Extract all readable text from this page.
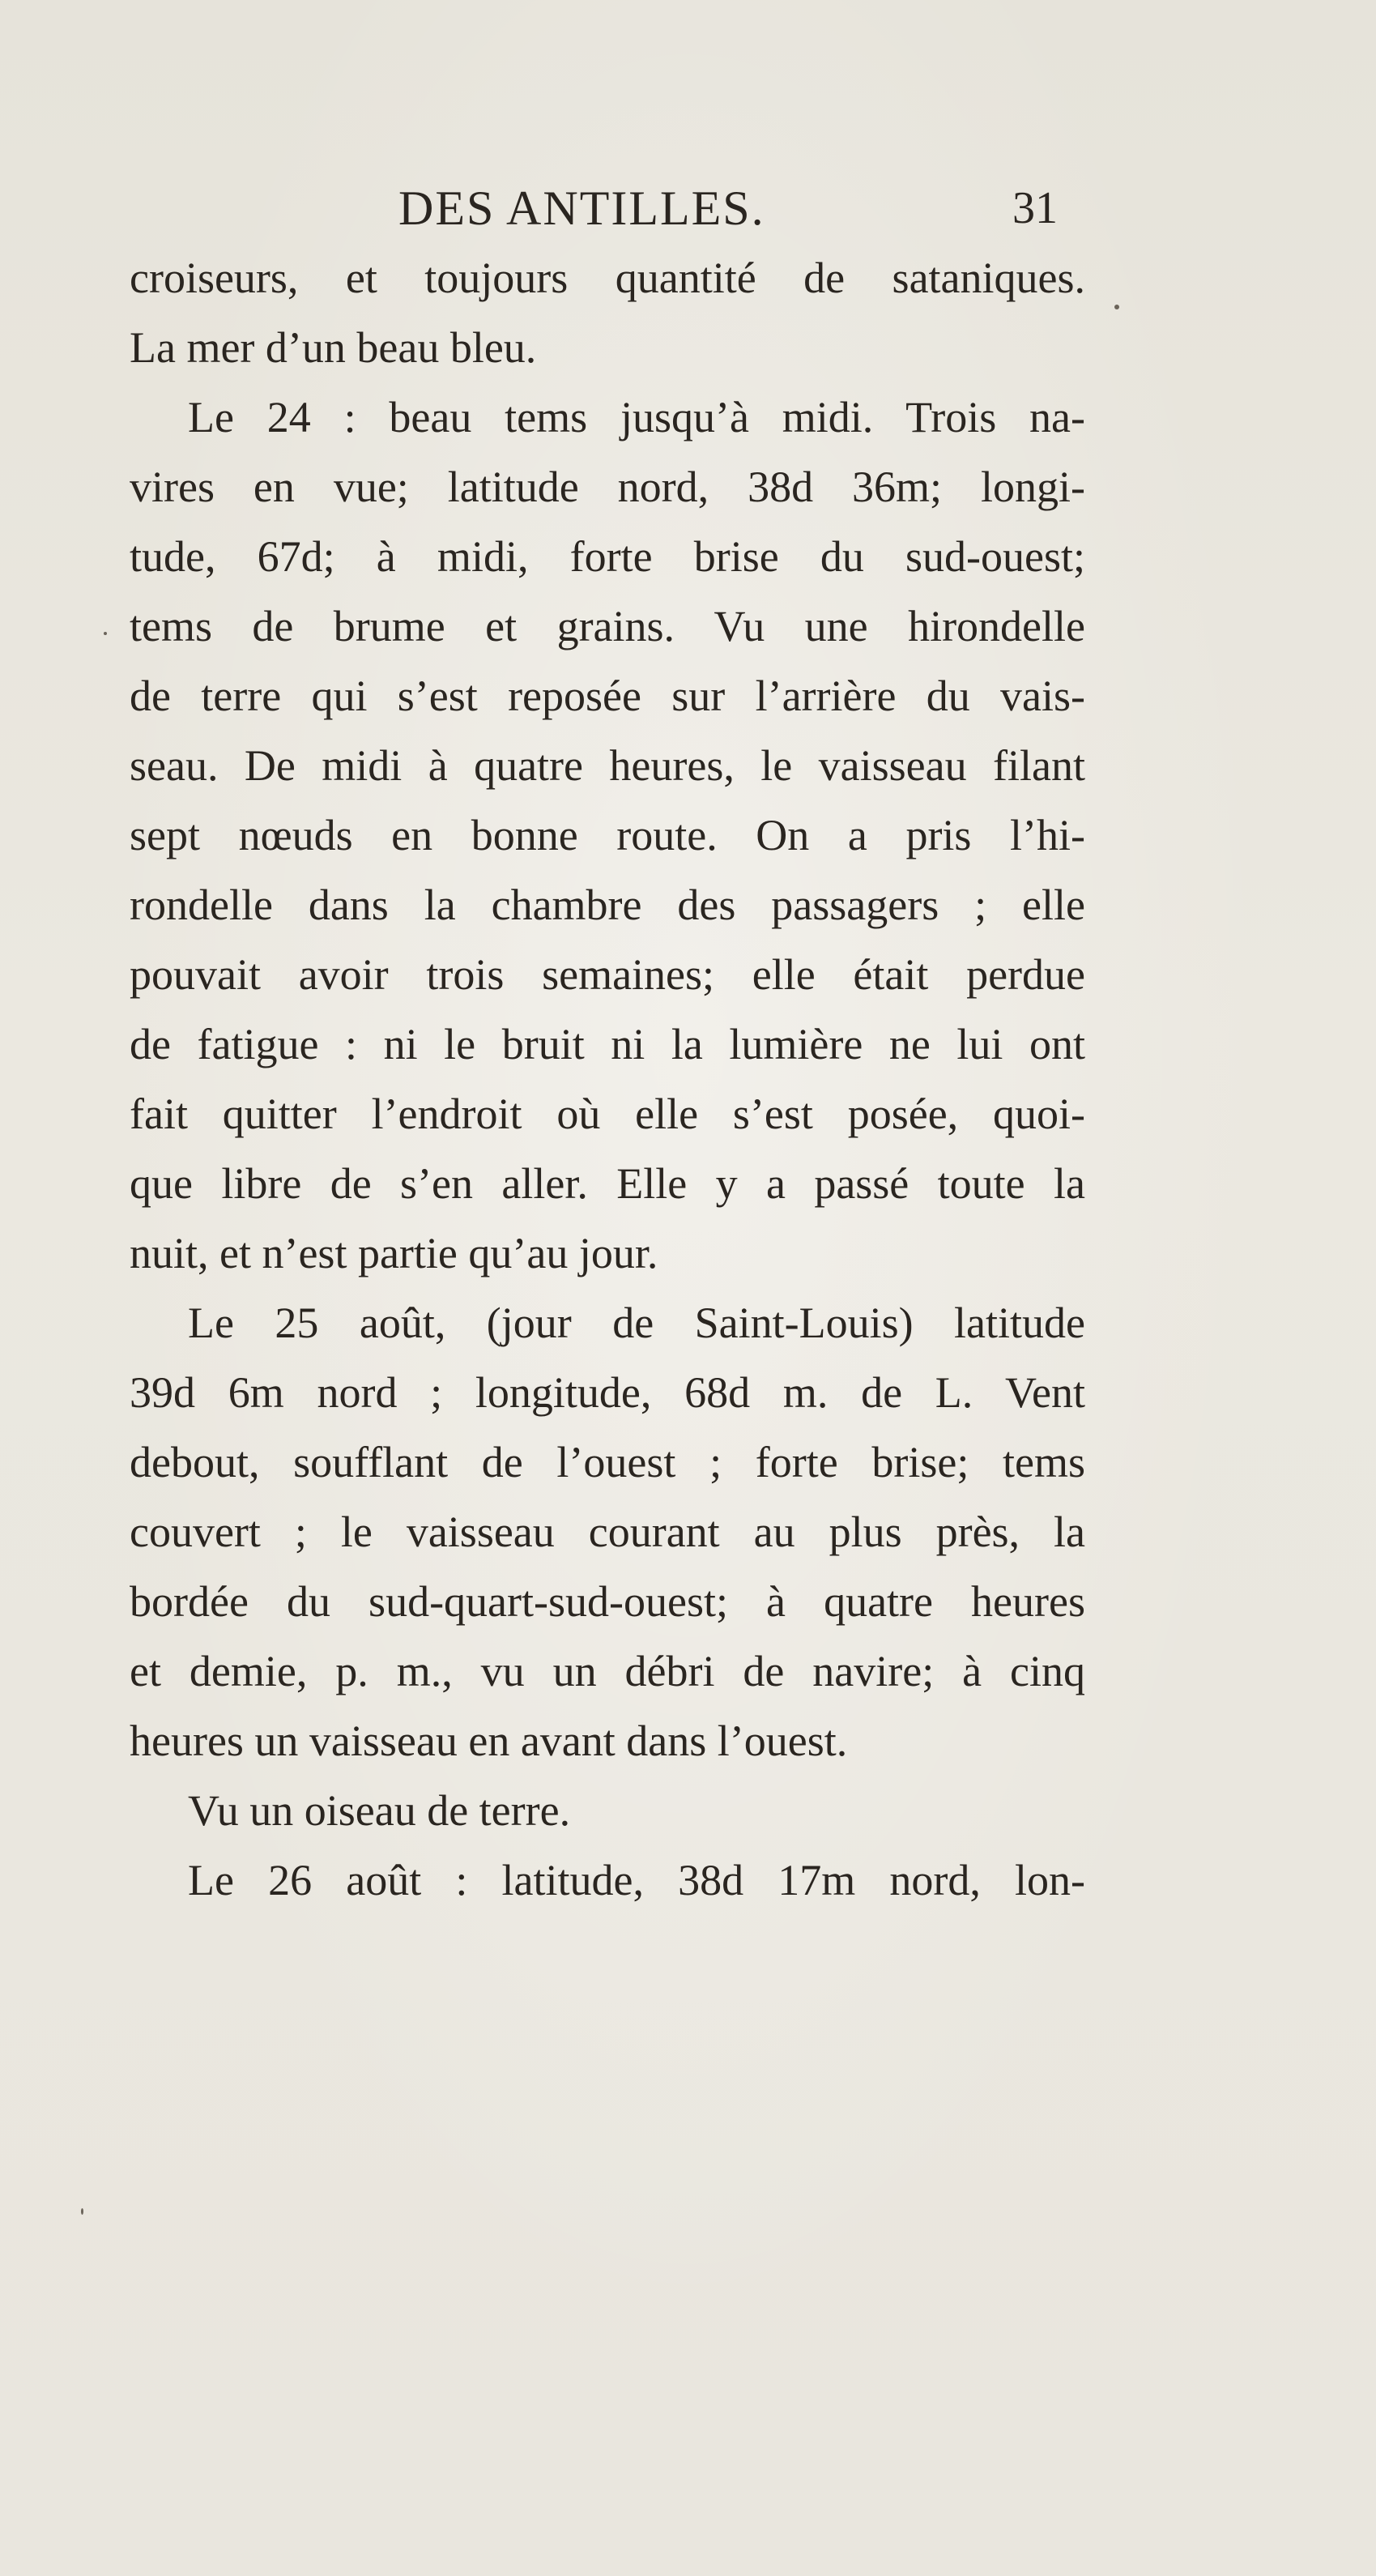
DES ANTILLES.	31
croiseurs, et toujours quantité de sataniques.
La mer d’un beau bleu.
Le 24 : beau tems jusqu’à midi. Trois na-
vires en vue; latitude nord, 38d 36m; longi-
tude, 67d; à midi, forte brise du sud-ouest;
tems de brume et grains. Vu une hirondelle
de terre qui s’est reposée sur l’arrière du vais-
seau. De midi à quatre heures, le vaisseau filant
sept nœuds en bonne route. On a pris l’hi-
rondelle dans la chambre des passagers ; elle
pouvait avoir trois semaines; elle était perdue
de fatigue : ni le bruit ni la lumière ne lui ont
fait quitter l’endroit où elle s’est posée, quoi-
que libre de s’en aller. Elle y a passé toute la
nuit, et n’est partie qu’au jour.
Le 25 août, (jour de Saint-Louis) latitude
39d 6m nord ; longitude, 68d m. de L. Vent
debout, soufflant de l’ouest ; forte brise; tems
couvert ; le vaisseau courant au plus près, la
bordée du sud-quart-sud-ouest; à quatre heures
et demie, p. m., vu un débri de navire; à cinq
heures un vaisseau en avant dans l’ouest.
Vu un oiseau de terre.
Le 26 août : latitude, 38d 17m nord, lon-
